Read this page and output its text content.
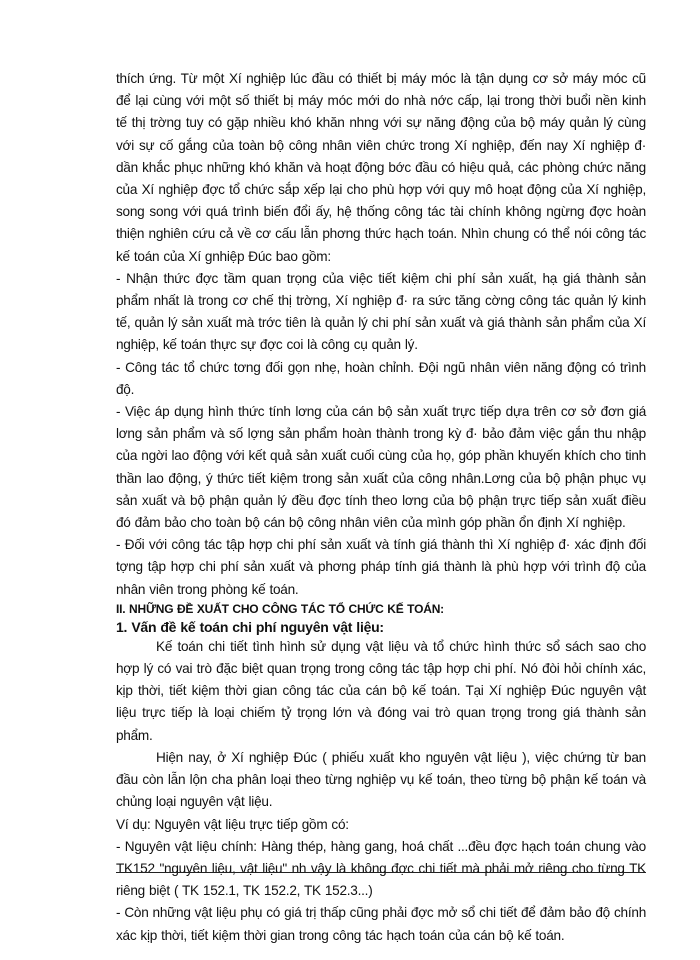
thích ứng. Từ một Xí nghiệp lúc đầu có thiết bị máy móc là tận dụng cơ sở máy móc cũ để lại cùng với một số thiết bị máy móc mới do nhà nớc cấp, lại trong thời buổi nền kinh tế thị trờng tuy có gặp nhiều khó khăn nhng với sự năng động của bộ máy quản lý cùng với sự cố gắng của toàn bộ công nhân viên chức trong Xí nghiệp, đến nay Xí nghiệp đ· dần khắc phục những khó khăn và hoạt động bớc đầu có hiệu quả, các phòng chức năng của Xí nghiệp đợc tổ chức sắp xếp lại cho phù hợp với quy mô hoạt động của Xí nghiệp, song song với quá trình biến đổi ấy, hệ thống công tác tài chính không ngừng đợc hoàn thiện nghiên cứu cả về cơ cấu lẫn phơng thức hạch toán. Nhìn chung có thể nói công tác kế toán của Xí gnhiệp Đúc bao gồm:

- Nhận thức đợc tầm quan trọng của việc tiết kiệm chi phí sản xuất, hạ giá thành sản phẩm nhất là trong cơ chế thị trờng, Xí nghiệp đ· ra sức tăng cờng công tác quản lý kinh tế, quản lý sản xuất mà trớc tiên là quản lý chi phí sản xuất và giá thành sản phẩm của Xí nghiệp, kế toán thực sự đợc coi là công cụ quản lý.

- Công tác tổ chức tơng đối gọn nhẹ, hoàn chỉnh. Đội ngũ nhân viên năng động có trình độ.

- Việc áp dụng hình thức tính lơng của cán bộ sản xuất trực tiếp dựa trên cơ sở đơn giá lơng sản phẩm và số lợng sản phẩm hoàn thành trong kỳ đ· bảo đảm việc gắn thu nhập của ngời lao động với kết quả sản xuất cuối cùng của họ, góp phần khuyến khích cho tinh thần lao động, ý thức tiết kiệm trong sản xuất của công nhân.Lơng của bộ phận phục vụ sản xuất và bộ phận quản lý đều đợc tính theo lơng của bộ phận trực tiếp sản xuất điều đó đảm bảo cho toàn bộ cán bộ công nhân viên của mình góp phần ổn định Xí nghiệp.

- Đối với công tác tập hợp chi phí sản xuất và tính giá thành thì Xí nghiệp đ· xác định đối tợng tập hợp chi phí sản xuất và phơng pháp tính giá thành là phù hợp với trình độ của nhân viên trong phòng kế toán.

II. NHỮNG ĐỀ XUẤT CHO CÔNG TÁC TỔ CHỨC KẾ TOÁN:

1. Vấn đề kế toán chi phí nguyên vật liệu:

Kế toán chi tiết tình hình sử dụng vật liệu và tổ chức hình thức sổ sách sao cho hợp lý có vai trò đặc biệt quan trọng trong công tác tập hợp chi phí. Nó đòi hỏi chính xác, kịp thời, tiết kiệm thời gian công tác của cán bộ kế toán. Tại Xí nghiệp Đúc nguyên vật liệu trực tiếp là loại chiếm tỷ trọng lớn và đóng vai trò quan trọng trong giá thành sản phẩm.

Hiện nay, ở Xí nghiệp Đúc ( phiếu xuất kho nguyên vật liệu ), việc chứng từ ban đầu còn lẫn lộn cha phân loại theo từng nghiệp vụ kế toán, theo từng bộ phận kế toán và chủng loại nguyên vật liệu.

Ví dụ: Nguyên vật liệu trực tiếp gồm có:

- Nguyên vật liệu chính: Hàng thép, hàng gang, hoá chất ...đều đợc hạch toán chung vào TK152 "nguyên liệu, vật liệu" nh vậy là không đợc chi tiết mà phải mở riêng cho từng TK riêng biệt ( TK 152.1, TK 152.2, TK 152.3...)

- Còn những vật liệu phụ có giá trị thấp cũng phải đợc mở sổ chi tiết để đảm bảo độ chính xác kịp thời, tiết kiệm thời gian trong công tác hạch toán của cán bộ kế toán.
